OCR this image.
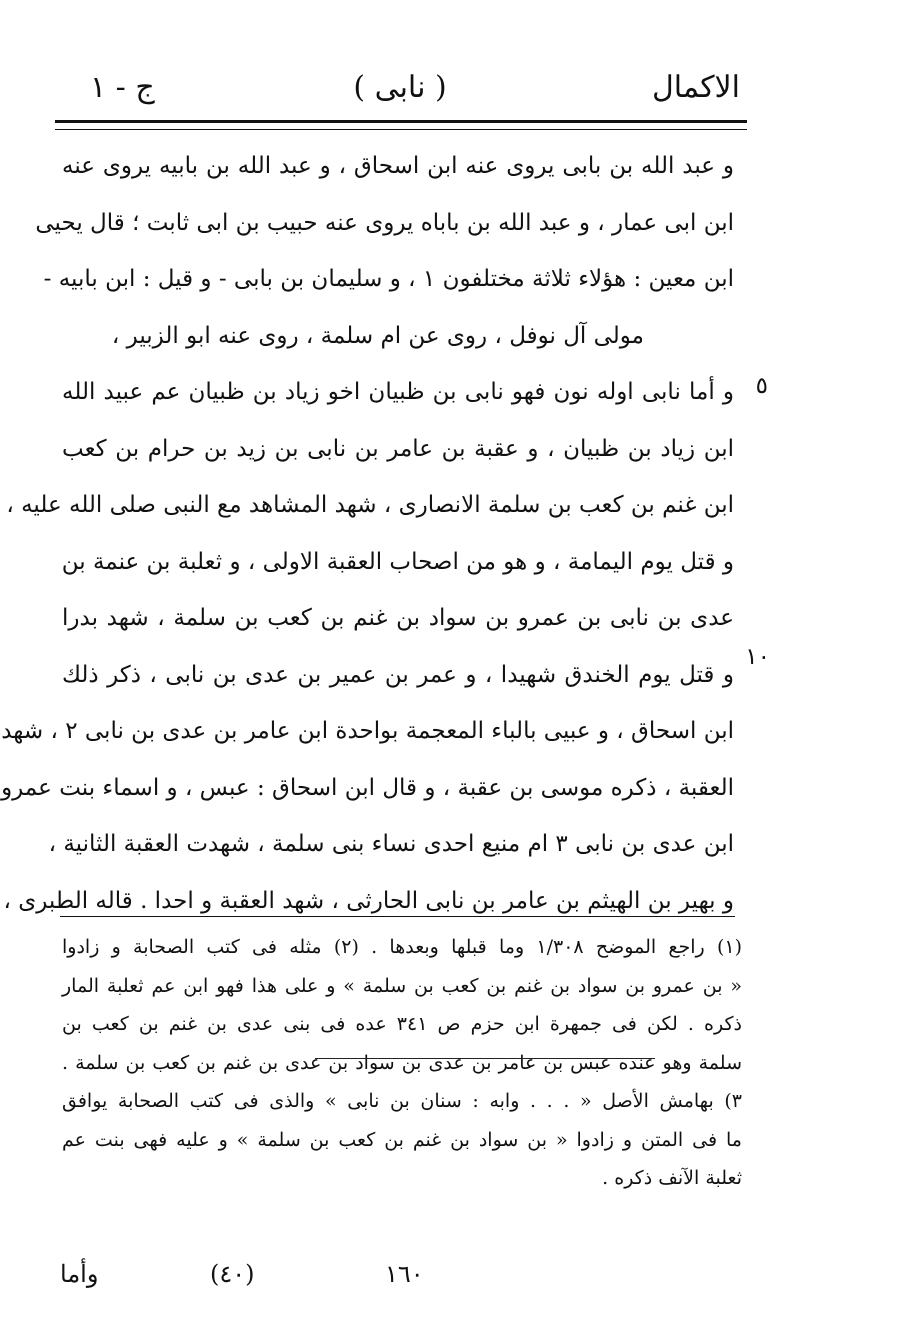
الاكمال
( نابى )
ج - ١
٥
١٠
و عبد الله بن بابى يروى عنه ابن اسحاق ، و عبد الله بن بابيه يروى عنه
ابن ابى عمار ، و عبد الله بن باباه يروى عنه حبيب بن ابى ثابت ؛ قال يحيى
ابن معين : هؤلاء ثلاثة مختلفون ١ ، و سليمان بن بابى - و قيل : ابن بابيه -
مولى آل نوفل ، روى عن ام سلمة ، روى عنه ابو الزبير ،
و أما نابى اوله نون فهو نابى بن ظبيان اخو زياد بن ظبيان عم عبيد الله
ابن زياد بن ظبيان ، و عقبة بن عامر بن نابى بن زيد بن حرام بن كعب
ابن غنم بن كعب بن سلمة الانصارى ، شهد المشاهد مع النبى صلى الله عليه ،
و قتل يوم اليمامة ، و هو من اصحاب العقبة الاولى ، و ثعلبة بن عنمة بن
عدى بن نابى بن عمرو بن سواد بن غنم بن كعب بن سلمة ، شهد بدرا
و قتل يوم الخندق شهيدا ، و عمر بن عمير بن عدى بن نابى ، ذكر ذلك
ابن اسحاق ، و عبيى بالباء المعجمة بواحدة ابن عامر بن عدى بن نابى ٢ ، شهد
العقبة ، ذكره موسى بن عقبة ، و قال ابن اسحاق : عبس ، و اسماء بنت عمرو
ابن عدى بن نابى ٣ ام منيع احدى نساء بنى سلمة ، شهدت العقبة الثانية ،
و بهير بن الهيثم بن عامر بن نابى الحارثى ، شهد العقبة و احدا . قاله الطبرى ،
(١) راجع الموضح ١/٣٠٨ وما قبلها وبعدها . (٢) مثله فى كتب الصحابة و زادوا
« بن عمرو بن سواد بن غنم بن كعب بن سلمة » و على هذا فهو ابن عم ثعلبة المار
ذكره . لكن فى جمهرة ابن حزم ص ٣٤١ عده فى بنى عدى بن غنم بن كعب بن
سلمة وهو عنده عبس بن عامر بن عدى بن سواد بن عدى بن غنم بن كعب بن سلمة .
٣) بهامش الأصل « . . . وابه : سنان بن نابى » والذى فى كتب الصحابة يوافق
ما فى المتن و زادوا « بن سواد بن غنم بن كعب بن سلمة » و عليه فهى بنت عم
ثعلبة الآنف ذكره .
١٦٠
(٤٠)
وأما
